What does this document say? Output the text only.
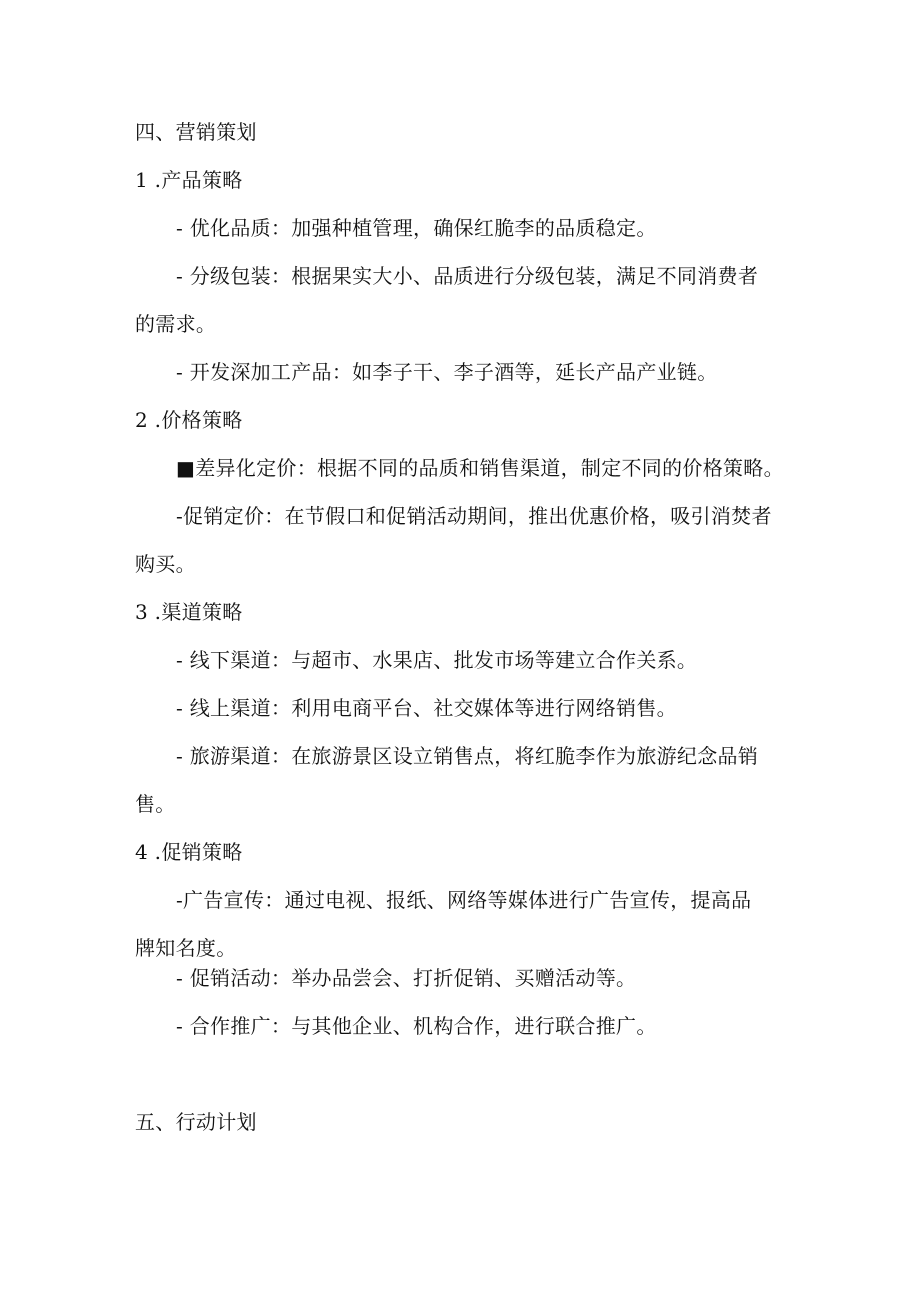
四、营销策划
1 .产品策略
- 优化品质：加强种植管理，确保红脆李的品质稳定。
- 分级包装：根据果实大小、品质进行分级包装，满足不同消费者
的需求。
- 开发深加工产品：如李子干、李子酒等，延长产品产业链。
2 .价格策略
■差异化定价：根据不同的品质和销售渠道，制定不同的价格策略。
-促销定价：在节假口和促销活动期间，推出优惠价格，吸引消焚者
购买。
3 .渠道策略
- 线下渠道：与超市、水果店、批发市场等建立合作关系。
- 线上渠道：利用电商平台、社交媒体等进行网络销售。
- 旅游渠道：在旅游景区设立销售点，将红脆李作为旅游纪念品销
售。
4 .促销策略
-广告宣传：通过电视、报纸、网络等媒体进行广告宣传，提高品
牌知名度。
- 促销活动：举办品尝会、打折促销、买赠活动等。
- 合作推广：与其他企业、机构合作，进行联合推广。
五、行动计划
